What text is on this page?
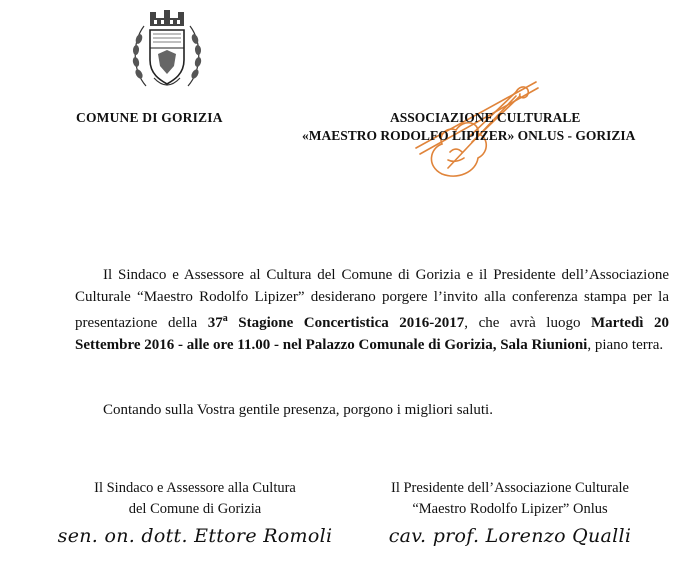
COMUNE DI GORIZIA	ASSOCIAZIONE CULTURALE
«MAESTRO RODOLFO LIPIZER» ONLUS - GORIZIA

Il Sindaco e Assessore al Cultura del Comune di Gorizia e il Presidente dell’Associazione Culturale “Maestro Rodolfo Lipizer” desiderano porgere l’invito alla conferenza stampa per la presentazione della 37$^a$ Stagione Concertistica 2016-2017, che avrà luogo Martedì 20 Settembre 2016 - alle ore 11.00 - nel Palazzo Comunale di Gorizia, Sala Riunioni, piano terra.

Contando sulla Vostra gentile presenza, porgono i migliori saluti.
Il Sindaco e Assessore alla Cultura
del Comune di Gorizia
sen. on. dott. Ettore Romoli
Il Presidente dell’Associazione Culturale
“Maestro Rodolfo Lipizer” Onlus
cav. prof. Lorenzo Qualli
